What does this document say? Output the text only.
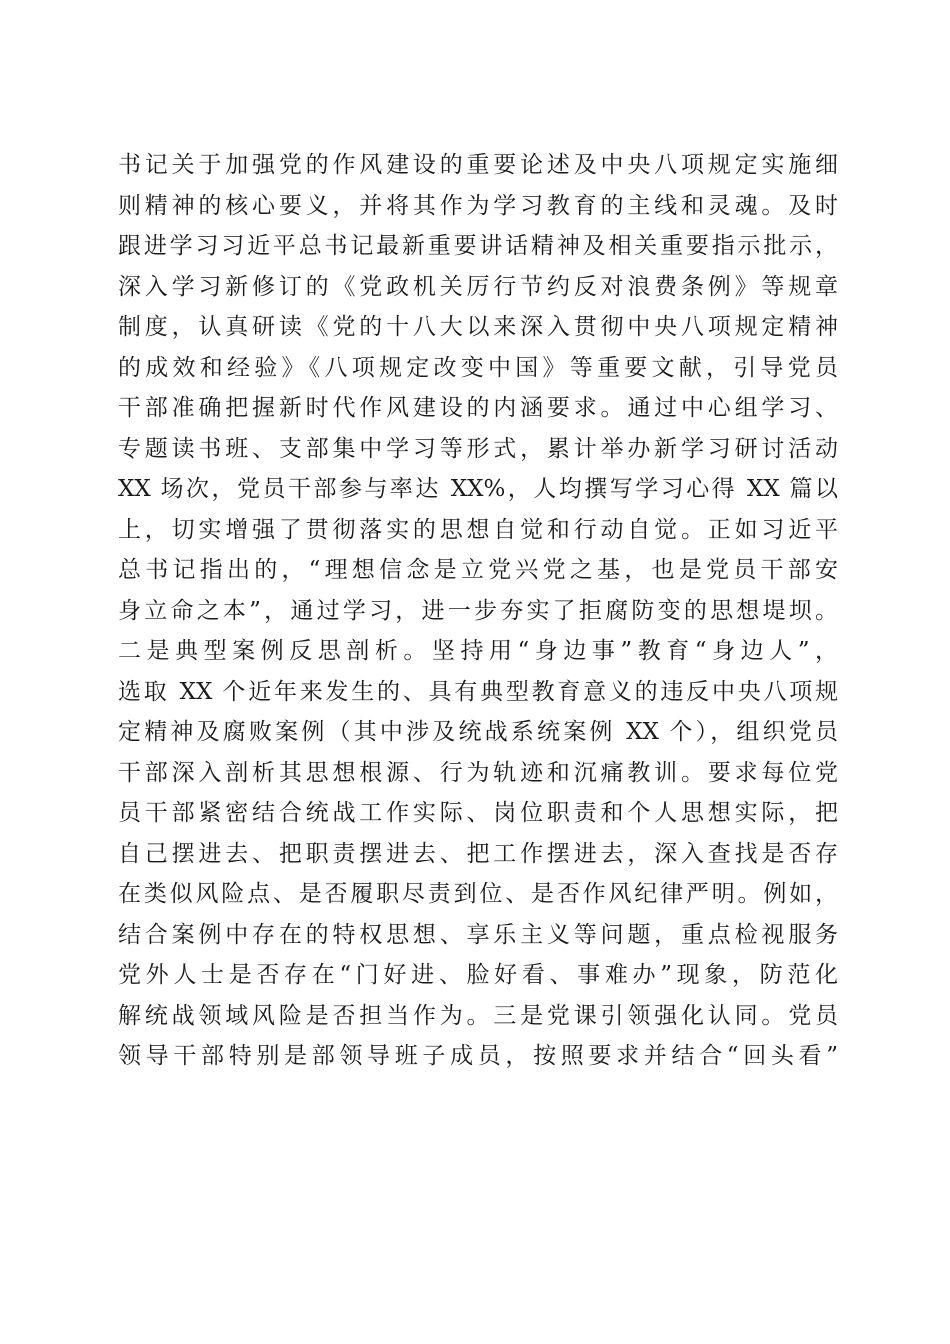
书记关于加强党的作风建设的重要论述及中央八项规定实施细
则精神的核心要义，并将其作为学习教育的主线和灵魂。及时
跟进学习习近平总书记最新重要讲话精神及相关重要指示批示，
深入学习新修订的《党政机关厉行节约反对浪费条例》等规章
制度，认真研读《党的十八大以来深入贯彻中央八项规定精神
的成效和经验》《八项规定改变中国》等重要文献，引导党员
干部准确把握新时代作风建设的内涵要求。通过中心组学习、
专题读书班、支部集中学习等形式，累计举办新学习研讨活动
XX 场次，党员干部参与率达 XX%，人均撰写学习心得 XX 篇以
上，切实增强了贯彻落实的思想自觉和行动自觉。正如习近平
总书记指出的，“理想信念是立党兴党之基，也是党员干部安
身立命之本”，通过学习，进一步夯实了拒腐防变的思想堤坝。
二是典型案例反思剖析。坚持用“身边事”教育“身边人”，
选取 XX 个近年来发生的、具有典型教育意义的违反中央八项规
定精神及腐败案例（其中涉及统战系统案例 XX 个），组织党员
干部深入剖析其思想根源、行为轨迹和沉痛教训。要求每位党
员干部紧密结合统战工作实际、岗位职责和个人思想实际，把
自己摆进去、把职责摆进去、把工作摆进去，深入查找是否存
在类似风险点、是否履职尽责到位、是否作风纪律严明。例如，
结合案例中存在的特权思想、享乐主义等问题，重点检视服务
党外人士是否存在“门好进、脸好看、事难办”现象，防范化
解统战领域风险是否担当作为。三是党课引领强化认同。党员
领导干部特别是部领导班子成员，按照要求并结合“回头看”
